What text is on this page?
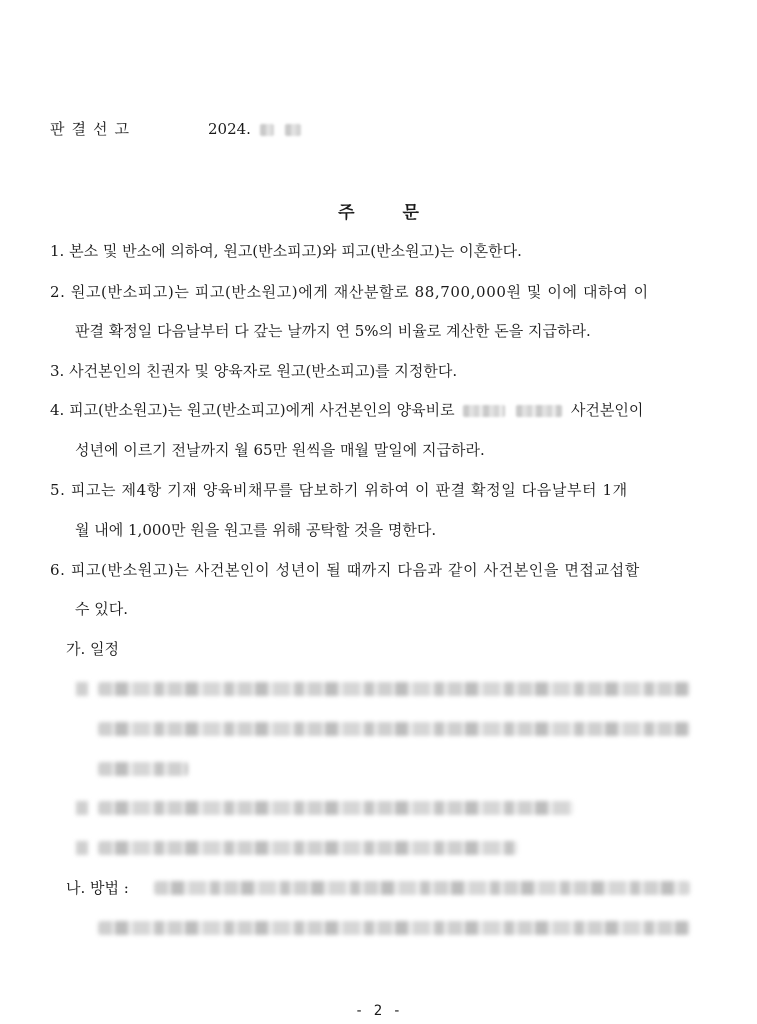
판결선고	2024.
주	문
1. 본소 및 반소에 의하여, 원고(반소피고)와 피고(반소원고)는 이혼한다.
2. 원고(반소피고)는 피고(반소원고)에게 재산분할로 88,700,000원 및 이에 대하여 이
판결 확정일 다음날부터 다 갚는 날까지 연 5%의 비율로 계산한 돈을 지급하라.
3. 사건본인의 친권자 및 양육자로 원고(반소피고)를 지정한다.
4. 피고(반소원고)는 원고(반소피고)에게 사건본인의 양육비로	사건본인이
성년에 이르기 전날까지 월 65만 원씩을 매월 말일에 지급하라.
5. 피고는 제4항 기재 양육비채무를 담보하기 위하여 이 판결 확정일 다음날부터 1개
월 내에 1,000만 원을 원고를 위해 공탁할 것을 명한다.
6. 피고(반소원고)는 사건본인이 성년이 될 때까지 다음과 같이 사건본인을 면접교섭할
수 있다.
가. 일정
나. 방법 :
- 2 -
